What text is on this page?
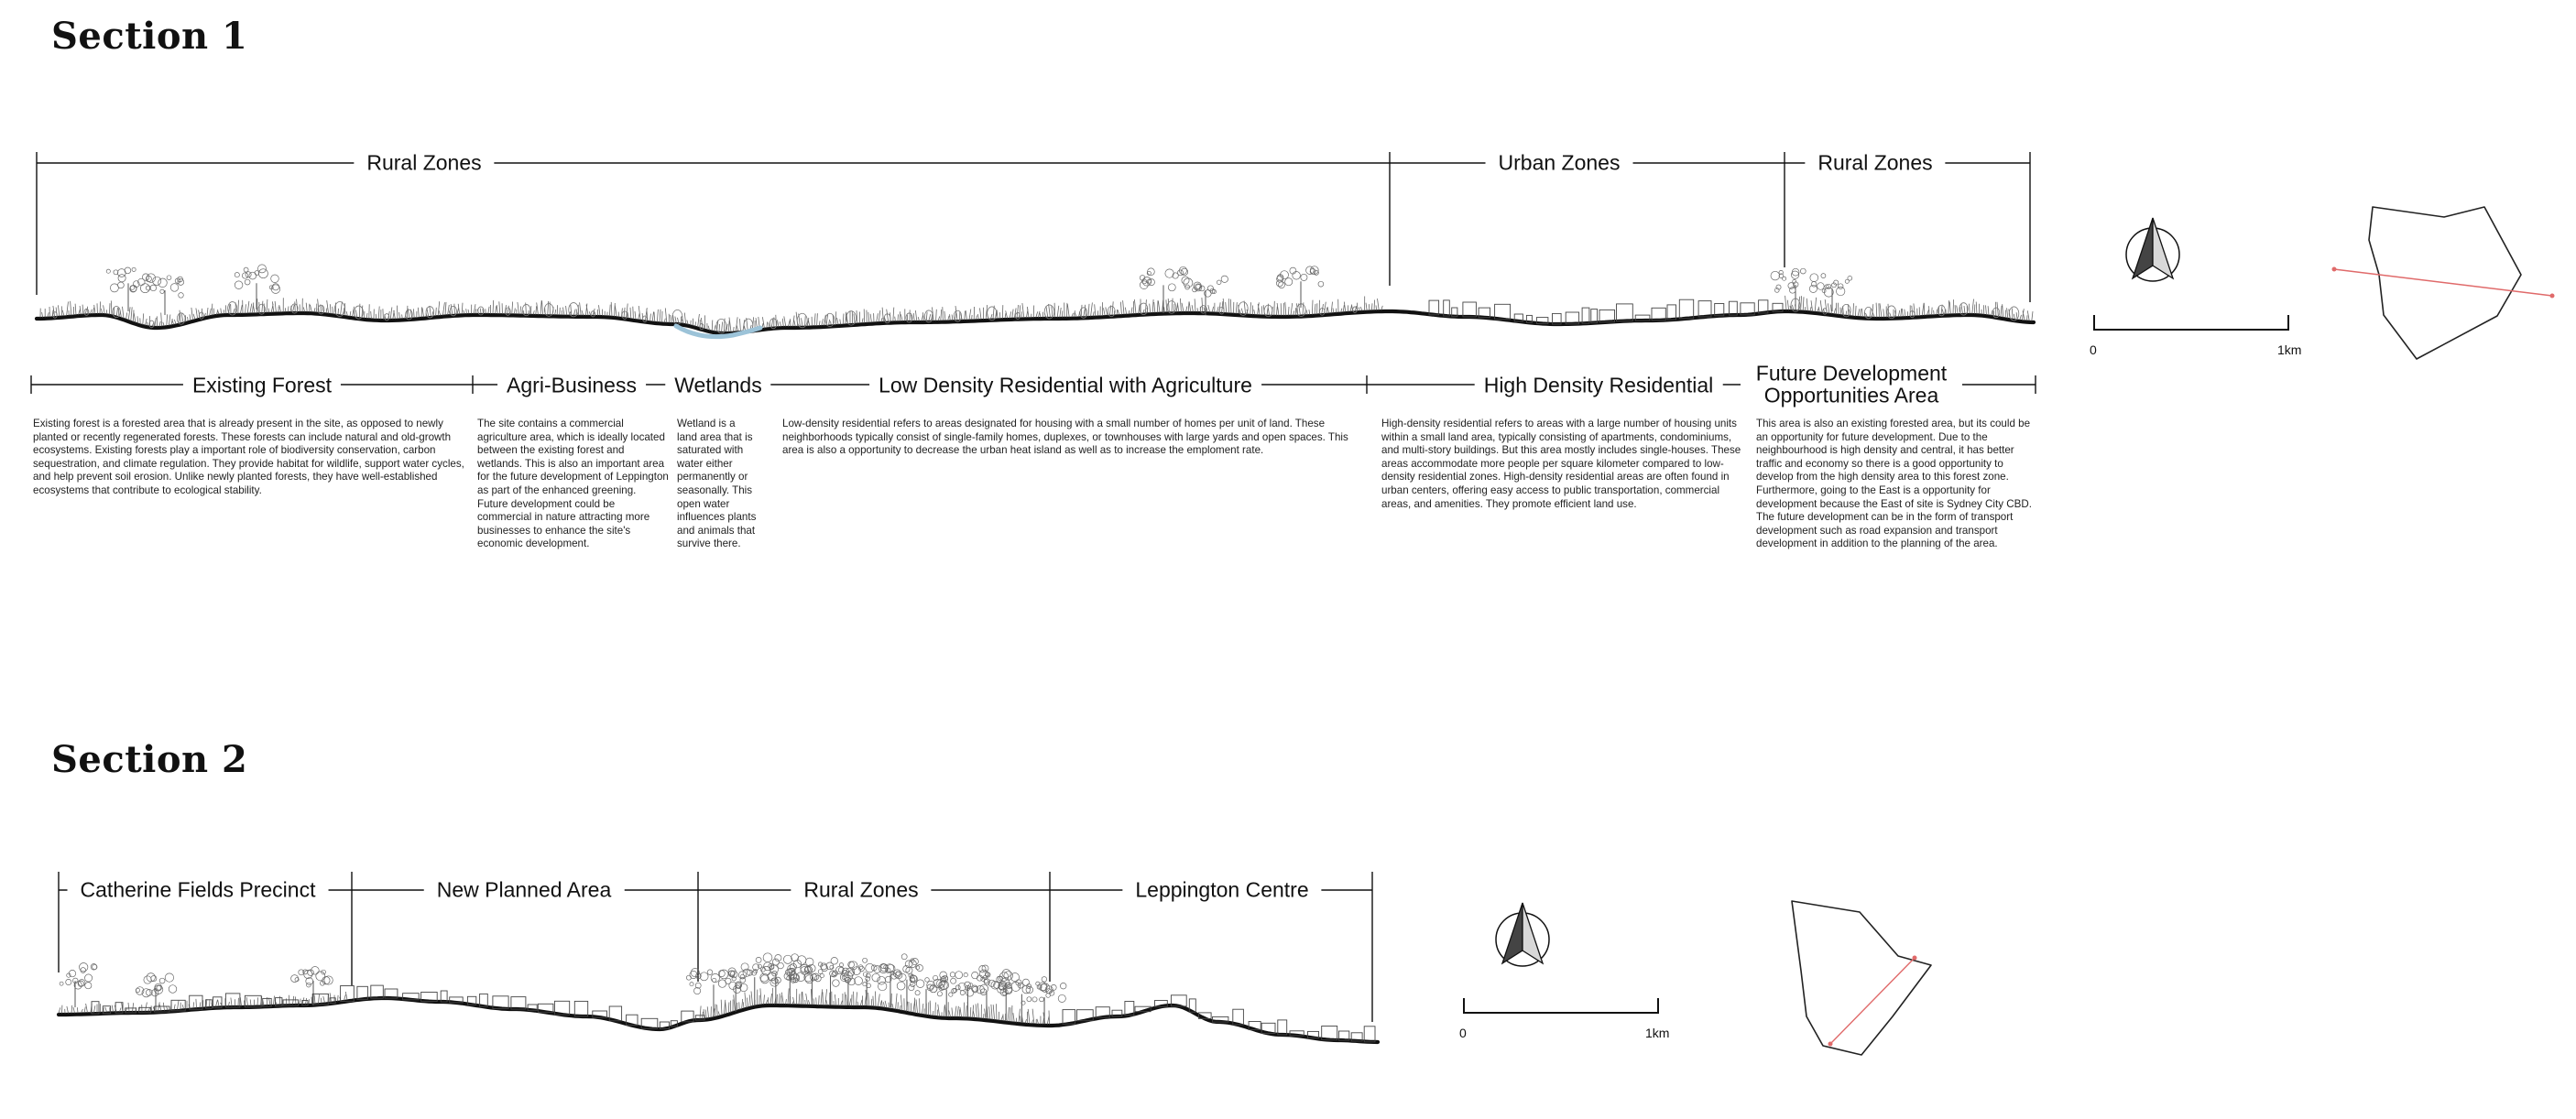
Section 1
Rural Zones	Urban Zones	Rural Zones
Existing Forest	Agri-Business	Wetlands	Low Density Residential with Agriculture	High Density Residential
Future Development Opportunities Area
Existing forest is a forested area that is already present in the site, as opposed to newly planted or recently regenerated forests. These forests can include natural and old-growth ecosystems. Existing forests play a important role of biodiversity conservation, carbon sequestration, and climate regulation. They provide habitat for wildlife, support water cycles, and help prevent soil erosion. Unlike newly planted forests, they have well-established ecosystems that contribute to ecological stability.
The site contains a commercial agriculture area, which is ideally located between the existing forest and wetlands. This is also an important area for the future development of Leppington as part of the enhanced greening. Future development could be commercial in nature attracting more businesses to enhance the site's economic development.
Wetland is a land area that is saturated with water either permanently or seasonally. This open water influences plants and animals that survive there.
Low-density residential refers to areas designated for housing with a small number of homes per unit of land. These neighborhoods typically consist of single-family homes, duplexes, or townhouses with large yards and open spaces. This area is also a opportunity to decrease the urban heat island as well as to increase the emploment rate.
High-density residential refers to areas with a large number of housing units within a small land area, typically consisting of apartments, condominiums, and multi-story buildings. But this area mostly includes single-houses. These areas accommodate more people per square kilometer compared to low-density residential zones. High-density residential areas are often found in urban centers, offering easy access to public transportation, commercial areas, and amenities. They promote efficient land use.
This area is also an existing forested area, but its could be an opportunity for future development. Due to the neighbourhood is high density and central, it has better traffic and economy so there is a good opportunity to develop from the high density area to this forest zone. Furthermore, going to the East is a opportunity for development because the East of site is Sydney City CBD. The future development can be in the form of transport development such as road expansion and transport development in addition to the planning of the area.
0	1km
Section 2
Catherine Fields Precinct	New Planned Area	Rural Zones	Leppington Centre
0	1km
